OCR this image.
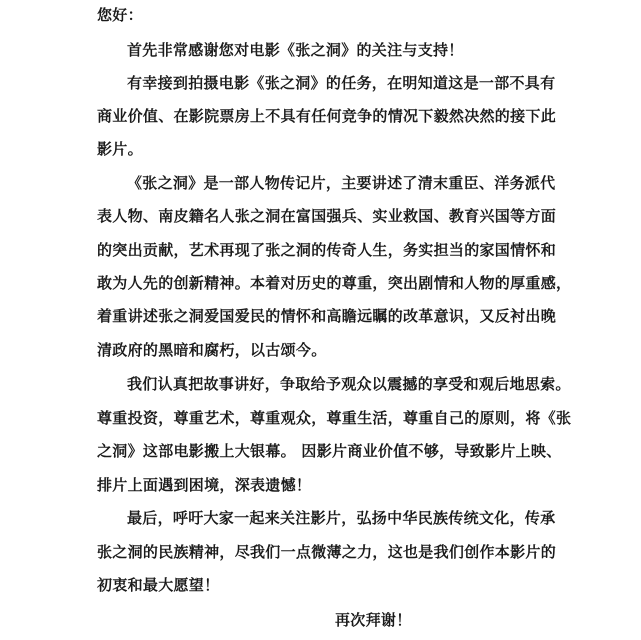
您好：
首先非常感谢您对电影《张之洞》的关注与支持！
有幸接到拍摄电影《张之洞》的任务，在明知道这是一部不具有
商业价值、在影院票房上不具有任何竞争的情况下毅然决然的接下此
影片。
《张之洞》是一部人物传记片，主要讲述了清末重臣、洋务派代
表人物、南皮籍名人张之洞在富国强兵、实业救国、教育兴国等方面
的突出贡献，艺术再现了张之洞的传奇人生，务实担当的家国情怀和
敢为人先的创新精神。本着对历史的尊重，突出剧情和人物的厚重感，
着重讲述张之洞爱国爱民的情怀和高瞻远瞩的改革意识，又反衬出晚
清政府的黑暗和腐朽，以古颂今。
我们认真把故事讲好，争取给予观众以震撼的享受和观后地思索。
尊重投资，尊重艺术，尊重观众，尊重生活，尊重自己的原则，将《张
之洞》这部电影搬上大银幕。 因影片商业价值不够，导致影片上映、
排片上面遇到困境，深表遗憾！
最后，呼吁大家一起来关注影片，弘扬中华民族传统文化，传承
张之洞的民族精神，尽我们一点微薄之力，这也是我们创作本影片的
初衷和最大愿望！
再次拜谢！
